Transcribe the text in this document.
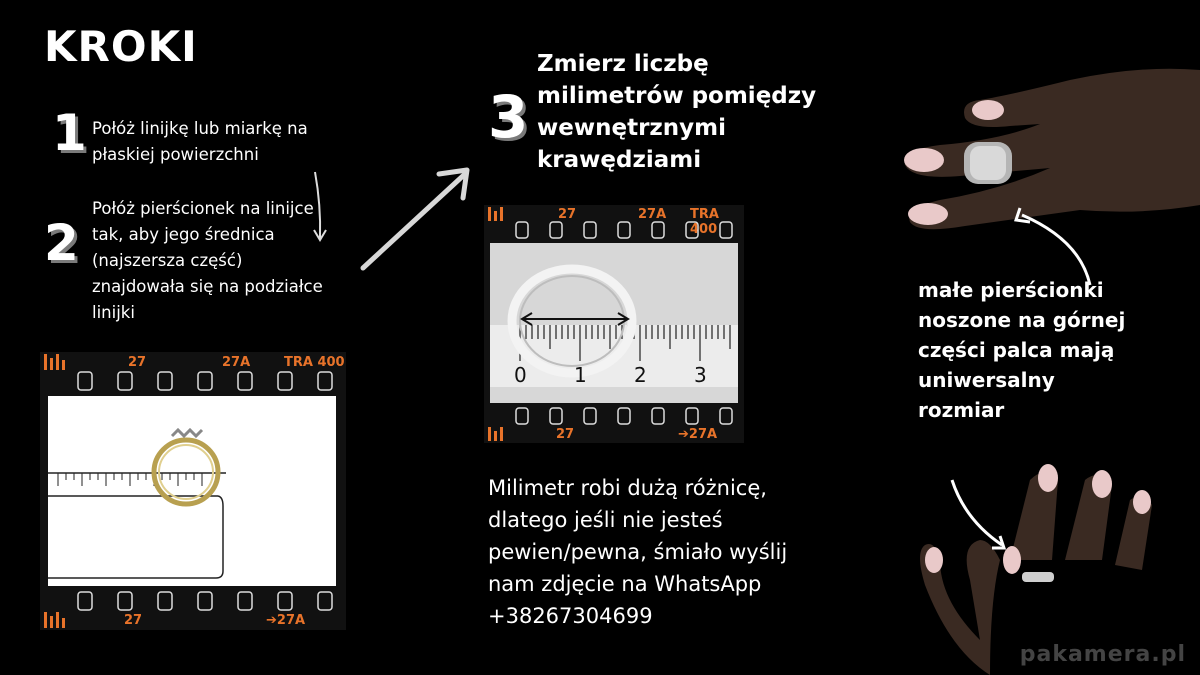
KROKI
1 Połóż linijkę lub miarkę na płaskiej powierzchni
2
Połóż pierścionek na linijce tak, aby jego średnica (najszersza część) znajdowała się na podziałce linijki
27	27A	TRA 400
27	➔27A
3
Zmierz liczbę milimetrów pomiędzy wewnętrznymi krawędziami
27	27A TRA 400
27	➔27A
0 1 2 3
Milimetr robi dużą różnicę, dlatego jeśli nie jesteś pewien/pewna, śmiało wyślij nam zdjęcie na WhatsApp +38267304699
małe pierścionki noszone na górnej części palca mają uniwersalny rozmiar
pakamera.pl
